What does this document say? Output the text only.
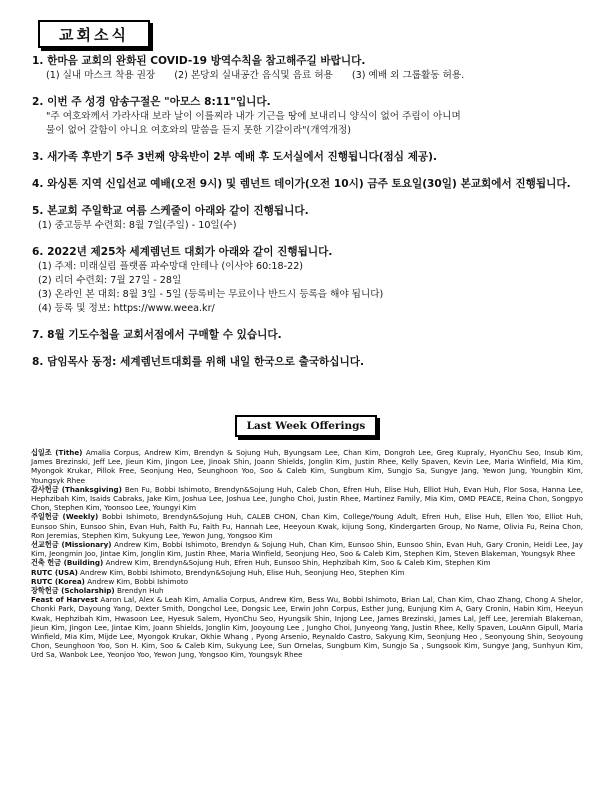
교회소식
1. 한마음 교회의 완화된 COVID-19 방역수칙을 참고해주길 바랍니다.
(1) 실내 마스크 착용 권장 (2) 본당외 실내공간 음식및 음료 허용 (3) 예배 외 그룹활동 허용.
2. 이번 주 성경 암송구절은 "아모스 8:11"입니다.
"주 여호와께서 가라사대 보라 날이 이를찌라 내가 기근을 땅에 보내리니 양식이 없어 주림이 아니며
물이 없어 갈함이 아니요 여호와의 말씀을 듣지 못한 기갈이라"(개역개정)
3. 새가족 후반기 5주 3번째 양육반이 2부 예배 후 도서실에서 진행됩니다(점심 제공).
4. 와싱톤 지역 신입선교 예배(오전 9시) 및 렘넌트 데이가(오전 10시) 금주 토요일(30일) 본교회에서 진행됩니다.
5. 본교회 주일학교 여름 스케줄이 아래와 같이 진행됩니다.
(1) 중고등부 수련회: 8월 7일(주일) - 10일(수)
6. 2022년 제25차 세계렘넌트 대회가 아래와 같이 진행됩니다.
(1) 주제: 미래실림 플랫폼 파수망대 안테나 (이사야 60:18-22)
(2) 리더 수련회: 7월 27일 - 28일
(3) 온라인 본 대회: 8월 3일 - 5일 (등록비는 무료이나 반드시 등록을 해야 됩니다)
(4) 등록 및 정보: https://www.weea.kr/
7. 8월 기도수첩을 교회서점에서 구매할 수 있습니다.
8. 담임목사 동정: 세계렘넌트대회를 위해 내일 한국으로 출국하십니다.
Last Week Offerings

십일조 (Tithe) Amalia Corpus, Andrew Kim, Brendyn & Sojung Huh, Byungsam Lee, Chan Kim, Dongroh Lee, Greg Kupraly, HyonChu Seo, Insub Kim, James Brezinski, Jeff Lee, Jieun Kim, Jingon Lee, Jinoak Shin, Joann Shields, Jonglin Kim, Justin Rhee, Kelly Spaven, Kevin Lee, Maria Winfield, Mia Kim, Myongok Krukar, Pillok Free, Seonjung Heo, Seunghoon Yoo, Soo & Caleb Kim, Sungbum Kim, Sungjo Sa, Sungye Jang, Yewon Jung, Youngbin Kim, Youngsyk Rhee

감사헌금 (Thanksgiving) Ben Fu, Bobbi Ishimoto, Brendyn&Sojung Huh, Caleb Chon, Efren Huh, Elise Huh, Elliot Huh, Evan Huh, Flor Sosa, Hanna Lee, Hephzibah Kim, Isaids Cabraks, Jake Kim, Joshua Lee, Joshua Lee, Jungho Choi, Justin Rhee, Martinez Family, Mia Kim, OMD PEACE, Reina Chon, Songpyo Chon, Stephen Kim, Yoonsoo Lee, Youngyi Kim

주일헌금 (Weekly) Bobbi Ishimoto, Brendyn&Sojung Huh, CALEB CHON, Chan Kim, College/Young Adult, Efren Huh, Elise Huh, Ellen Yoo, Elliot Huh, Eunsoo Shin, Eunsoo Shin, Evan Huh, Faith Fu, Faith Fu, Hannah Lee, Heeyoun Kwak, kijung Song, Kindergarten Group, No Name, Olivia Fu, Reina Chon, Ron Jeremias, Stephen Kim, Sukyung Lee, Yewon Jung, Yongsoo Kim

선교헌금 (Missionary) Andrew Kim, Bobbi Ishimoto, Brendyn & Sojung Huh, Chan Kim, Eunsoo Shin, Eunsoo Shin, Evan Huh, Gary Cronin, Heidi Lee, Jay Kim, Jeongmin Joo, Jintae Kim, Jonglin Kim, Justin Rhee, Maria Winfield, Seonjung Heo, Soo & Caleb Kim, Stephen Kim, Steven Blakeman, Youngsyk Rhee

건축 헌금 (Building) Andrew Kim, Brendyn&Sojung Huh, Efren Huh, Eunsoo Shin, Hephzibah Kim, Soo & Caleb Kim, Stephen Kim

RUTC (USA) Andrew Kim, Bobbi Ishimoto, Brendyn&Sojung Huh, Elise Huh, Seonjung Heo, Stephen Kim

RUTC (Korea) Andrew Kim, Bobbi Ishimoto

장학헌금 (Scholarship) Brendyn Huh

Feast of Harvest Aaron Lal, Alex & Leah Kim, Amalia Corpus, Andrew Kim, Bess Wu, Bobbi Ishimoto, Brian Lal, Chan Kim, Chao Zhang, Chong A Shelor, Chonki Park, Dayoung Yang, Dexter Smith, Dongchol Lee, Dongsic Lee, Erwin John Corpus, Esther Jung, Eunjung Kim A, Gary Cronin, Habin Kim, Heeyun Kwak, Hephzibah Kim, Hwasoon Lee, Hyesuk Salem, HyonChu Seo, Hyungsik Shin, Injong Lee, James Brezinski, James Lal, Jeff Lee, Jeremiah Blakeman, Jieun Kim, Jingon Lee, Jintae Kim, Joann Shields, Jonglin Kim, Jooyoung Lee , Jungho Choi, Junyeong Yang, Justin Rhee, Kelly Spaven, LouAnn Gipull, Maria Winfield, Mia Kim, Mijde Lee, Myongok Krukar, Okhie Whang , Pyong Arsenio, Reynaldo Castro, Sakyung Kim, Seonjung Heo , Seonyoung Shin, Seoyoung Chon, Seunghoon Yoo, Son H. Kim, Soo & Caleb Kim, Sukyung Lee, Sun Ornelas, Sungbum Kim, Sungjo Sa , Sungsook Kim, Sungye Jang, Sunhyun Kim, Urd Sa, Wanbok Lee, Yeonjoo Yoo, Yewon Jung, Yongsoo Kim, Youngsyk Rhee
